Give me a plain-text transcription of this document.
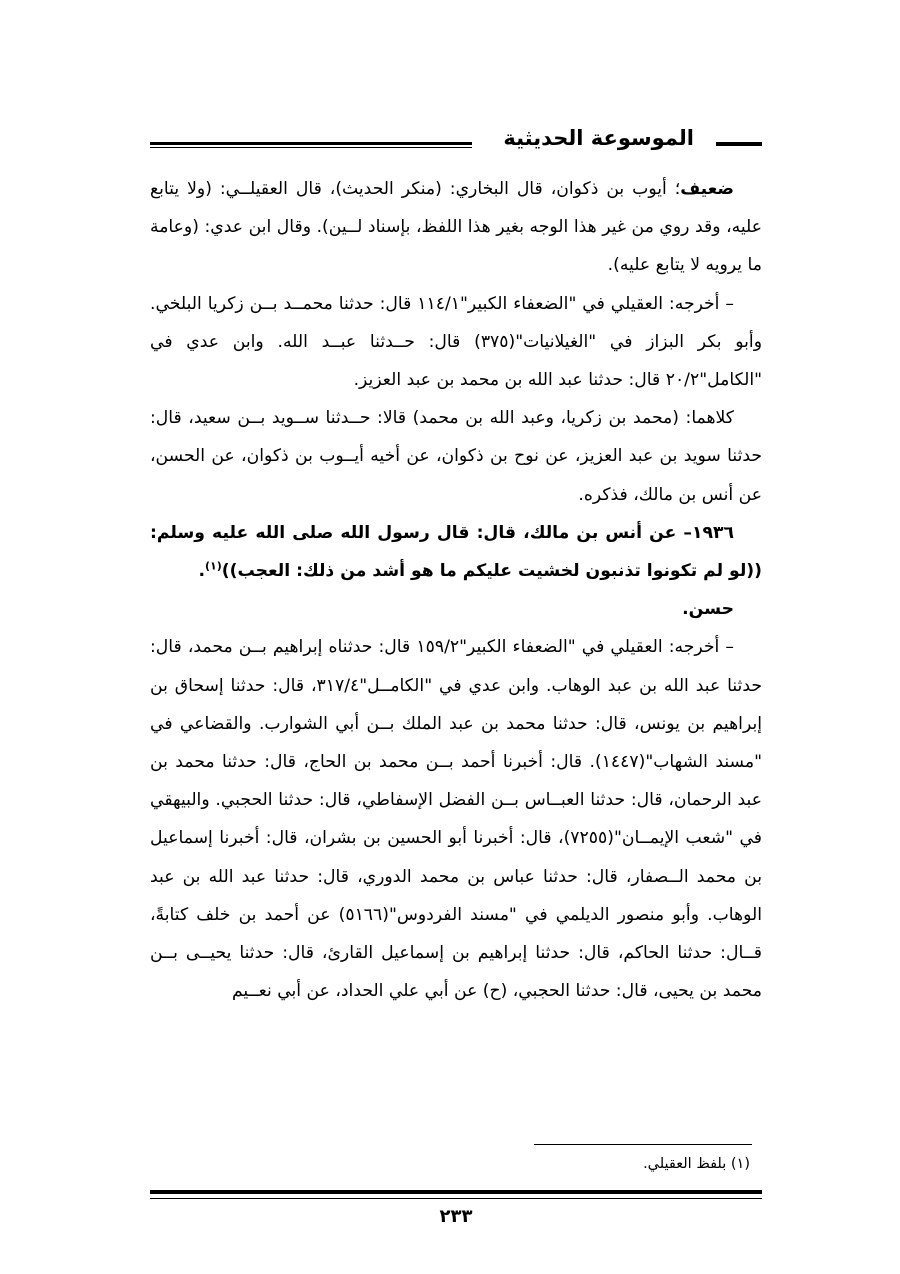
الموسوعة الحديثية

ضعيف؛ أيوب بن ذكوان، قال البخاري: (منكر الحديث)، قال العقيلــي: (ولا يتابع عليه، وقد روي من غير هذا الوجه بغير هذا اللفظ، بإسناد لــين). وقال ابن عدي: (وعامة ما يرويه لا يتابع عليه).

– أخرجه: العقيلي في "الضعفاء الكبير"١١٤/١ قال: حدثنا محمــد بــن زكريا البلخي. وأبو بكر البزاز في "الغيلانيات"(٣٧٥) قال: حــدثنا عبــد الله. وابن عدي في "الكامل"٢٠/٢ قال: حدثنا عبد الله بن محمد بن عبد العزيز.

كلاهما: (محمد بن زكريا، وعبد الله بن محمد) قالا: حــدثنا ســويد بــن سعيد، قال: حدثنا سويد بن عبد العزيز، عن نوح بن ذكوان، عن أخيه أيــوب بن ذكوان، عن الحسن، عن أنس بن مالك، فذكره.

١٩٣٦– عن أنس بن مالك، قال: قال رسول الله صلى الله عليه وسلم: ((لو لم تكونوا تذنبون لخشيت عليكم ما هو أشد من ذلك: العجب))$^{(١)}$.

حسن.

– أخرجه: العقيلي في "الضعفاء الكبير"١٥٩/٢ قال: حدثناه إبراهيم بــن محمد، قال: حدثنا عبد الله بن عبد الوهاب. وابن عدي في "الكامــل"٣١٧/٤، قال: حدثنا إسحاق بن إبراهيم بن يونس، قال: حدثنا محمد بن عبد الملك بــن أبي الشوارب. والقضاعي في "مسند الشهاب"(١٤٤٧). قال: أخبرنا أحمد بــن محمد بن الحاج، قال: حدثنا محمد بن عبد الرحمان، قال: حدثنا العبــاس بــن الفضل الإسفاطي، قال: حدثنا الحجبي. والبيهقي في "شعب الإيمــان"(٧٢٥٥)، قال: أخبرنا أبو الحسين بن بشران، قال: أخبرنا إسماعيل بن محمد الــصفار، قال: حدثنا عباس بن محمد الدوري، قال: حدثنا عبد الله بن عبد الوهاب. وأبو منصور الديلمي في "مسند الفردوس"(٥١٦٦) عن أحمد بن خلف كتابةً، قــال: حدثنا الحاكم، قال: حدثنا إبراهيم بن إسماعيل القارئ، قال: حدثنا يحيــى بــن محمد بن يحيى، قال: حدثنا الحجبي، (ح) عن أبي علي الحداد، عن أبي نعــيم

(١) بلفظ العقيلي.
٢٣٣
